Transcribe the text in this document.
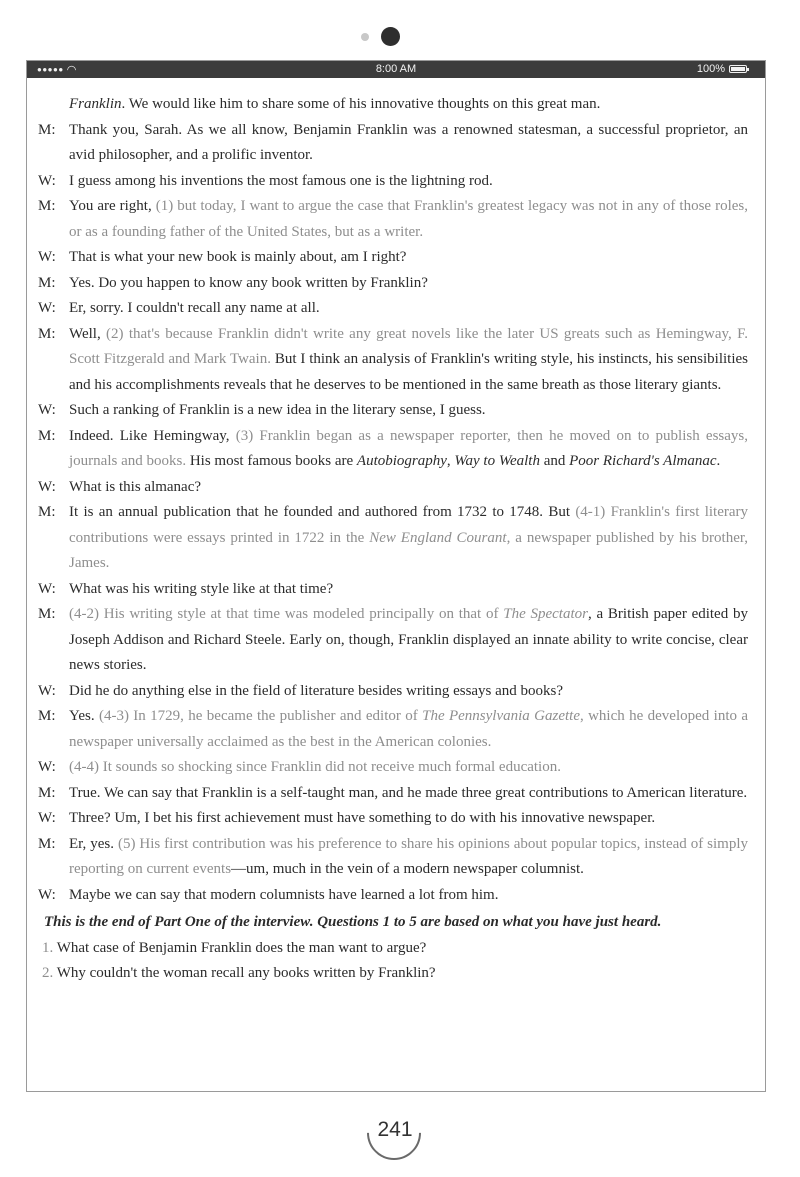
●●●●● ◠	8:00 AM	100%
Franklin. We would like him to share some of his innovative thoughts on this great man.
M: Thank you, Sarah. As we all know, Benjamin Franklin was a renowned statesman, a successful proprietor, an avid philosopher, and a prolific inventor.
W: I guess among his inventions the most famous one is the lightning rod.
M: You are right, (1) but today, I want to argue the case that Franklin's greatest legacy was not in any of those roles, or as a founding father of the United States, but as a writer.
W: That is what your new book is mainly about, am I right?
M: Yes. Do you happen to know any book written by Franklin?
W: Er, sorry. I couldn't recall any name at all.
M: Well, (2) that's because Franklin didn't write any great novels like the later US greats such as Hemingway, F. Scott Fitzgerald and Mark Twain. But I think an analysis of Franklin's writing style, his instincts, his sensibilities and his accomplishments reveals that he deserves to be mentioned in the same breath as those literary giants.
W: Such a ranking of Franklin is a new idea in the literary sense, I guess.
M: Indeed. Like Hemingway, (3) Franklin began as a newspaper reporter, then he moved on to publish essays, journals and books. His most famous books are Autobiography, Way to Wealth and Poor Richard's Almanac.
W: What is this almanac?
M: It is an annual publication that he founded and authored from 1732 to 1748. But (4-1) Franklin's first literary contributions were essays printed in 1722 in the New England Courant, a newspaper published by his brother, James.
W: What was his writing style like at that time?
M: (4-2) His writing style at that time was modeled principally on that of The Spectator, a British paper edited by Joseph Addison and Richard Steele. Early on, though, Franklin displayed an innate ability to write concise, clear news stories.
W: Did he do anything else in the field of literature besides writing essays and books?
M: Yes. (4-3) In 1729, he became the publisher and editor of The Pennsylvania Gazette, which he developed into a newspaper universally acclaimed as the best in the American colonies.
W: (4-4) It sounds so shocking since Franklin did not receive much formal education.
M: True. We can say that Franklin is a self-taught man, and he made three great contributions to American literature.
W: Three? Um, I bet his first achievement must have something to do with his innovative newspaper.
M: Er, yes. (5) His first contribution was his preference to share his opinions about popular topics, instead of simply reporting on current events—um, much in the vein of a modern newspaper columnist.
W: Maybe we can say that modern columnists have learned a lot from him.
This is the end of Part One of the interview. Questions 1 to 5 are based on what you have just heard.
1. What case of Benjamin Franklin does the man want to argue?
2. Why couldn't the woman recall any books written by Franklin?
241
